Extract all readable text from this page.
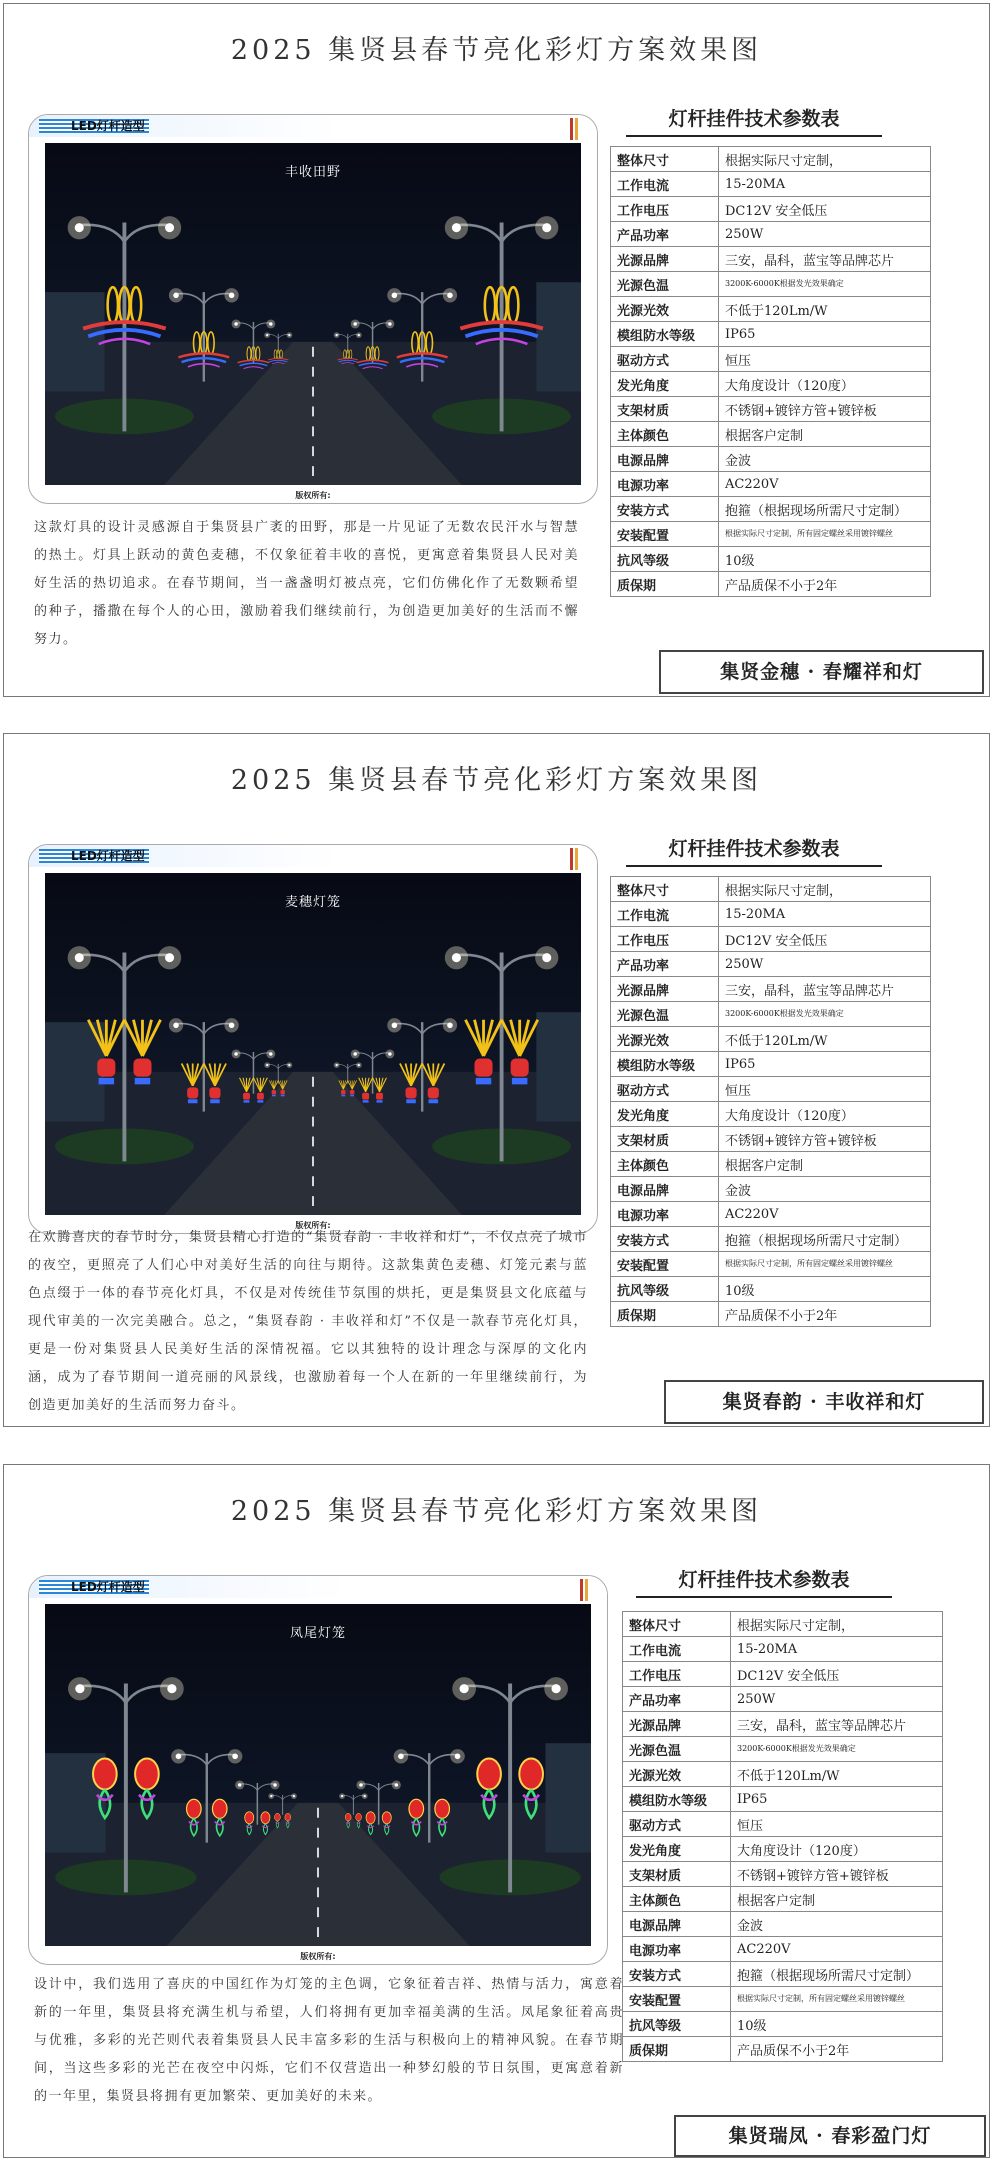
2025 集贤县春节亮化彩灯方案效果图
LED灯杆造型
丰收田野
版权所有:
这款灯具的设计灵感源自于集贤县广袤的田野，那是一片见证了无数农民汗水与智慧的热土。灯具上跃动的黄色麦穗，不仅象征着丰收的喜悦，更寓意着集贤县人民对美好生活的热切追求。在春节期间，当一盏盏明灯被点亮，它们仿佛化作了无数颗希望的种子，播撒在每个人的心田，激励着我们继续前行，为创造更加美好的生活而不懈努力。
灯杆挂件技术参数表
整体尺寸	根据实际尺寸定制，
工作电流	15-20MA
工作电压	DC12V 安全低压
产品功率	250W
光源品牌	三安，晶科，蓝宝等品牌芯片
光源色温	3200K-6000K根据发光效果确定
光源光效	不低于120Lm/W
模组防水等级	IP65
驱动方式	恒压
发光角度	大角度设计（120度）
支架材质	不锈钢+镀锌方管+镀锌板
主体颜色	根据客户定制
电源品牌	金波
电源功率	AC220V
安装方式	抱箍（根据现场所需尺寸定制）
安装配置	根据实际尺寸定制，所有固定螺丝采用镀锌螺丝
抗风等级	10级
质保期	产品质保不小于2年
集贤金穗 · 春耀祥和灯
2025 集贤县春节亮化彩灯方案效果图
LED灯杆造型
麦穗灯笼
版权所有:
在欢腾喜庆的春节时分，集贤县精心打造的“集贤春韵 · 丰收祥和灯”，不仅点亮了城市的夜空，更照亮了人们心中对美好生活的向往与期待。这款集黄色麦穗、灯笼元素与蓝色点缀于一体的春节亮化灯具，不仅是对传统佳节氛围的烘托，更是集贤县文化底蕴与现代审美的一次完美融合。总之，“集贤春韵 · 丰收祥和灯”不仅是一款春节亮化灯具，更是一份对集贤县人民美好生活的深情祝福。它以其独特的设计理念与深厚的文化内涵，成为了春节期间一道亮丽的风景线，也激励着每一个人在新的一年里继续前行，为创造更加美好的生活而努力奋斗。
灯杆挂件技术参数表
整体尺寸	根据实际尺寸定制，
工作电流	15-20MA
工作电压	DC12V 安全低压
产品功率	250W
光源品牌	三安，晶科，蓝宝等品牌芯片
光源色温	3200K-6000K根据发光效果确定
光源光效	不低于120Lm/W
模组防水等级	IP65
驱动方式	恒压
发光角度	大角度设计（120度）
支架材质	不锈钢+镀锌方管+镀锌板
主体颜色	根据客户定制
电源品牌	金波
电源功率	AC220V
安装方式	抱箍（根据现场所需尺寸定制）
安装配置	根据实际尺寸定制，所有固定螺丝采用镀锌螺丝
抗风等级	10级
质保期	产品质保不小于2年
集贤春韵 · 丰收祥和灯
2025 集贤县春节亮化彩灯方案效果图
LED灯杆造型
凤尾灯笼
版权所有:
设计中，我们选用了喜庆的中国红作为灯笼的主色调，它象征着吉祥、热情与活力，寓意着新的一年里，集贤县将充满生机与希望，人们将拥有更加幸福美满的生活。凤尾象征着高贵与优雅，多彩的光芒则代表着集贤县人民丰富多彩的生活与积极向上的精神风貌。在春节期间，当这些多彩的光芒在夜空中闪烁，它们不仅营造出一种梦幻般的节日氛围，更寓意着新的一年里，集贤县将拥有更加繁荣、更加美好的未来。
灯杆挂件技术参数表
整体尺寸	根据实际尺寸定制，
工作电流	15-20MA
工作电压	DC12V 安全低压
产品功率	250W
光源品牌	三安，晶科，蓝宝等品牌芯片
光源色温	3200K-6000K根据发光效果确定
光源光效	不低于120Lm/W
模组防水等级	IP65
驱动方式	恒压
发光角度	大角度设计（120度）
支架材质	不锈钢+镀锌方管+镀锌板
主体颜色	根据客户定制
电源品牌	金波
电源功率	AC220V
安装方式	抱箍（根据现场所需尺寸定制）
安装配置	根据实际尺寸定制，所有固定螺丝采用镀锌螺丝
抗风等级	10级
质保期	产品质保不小于2年
集贤瑞凤 · 春彩盈门灯
